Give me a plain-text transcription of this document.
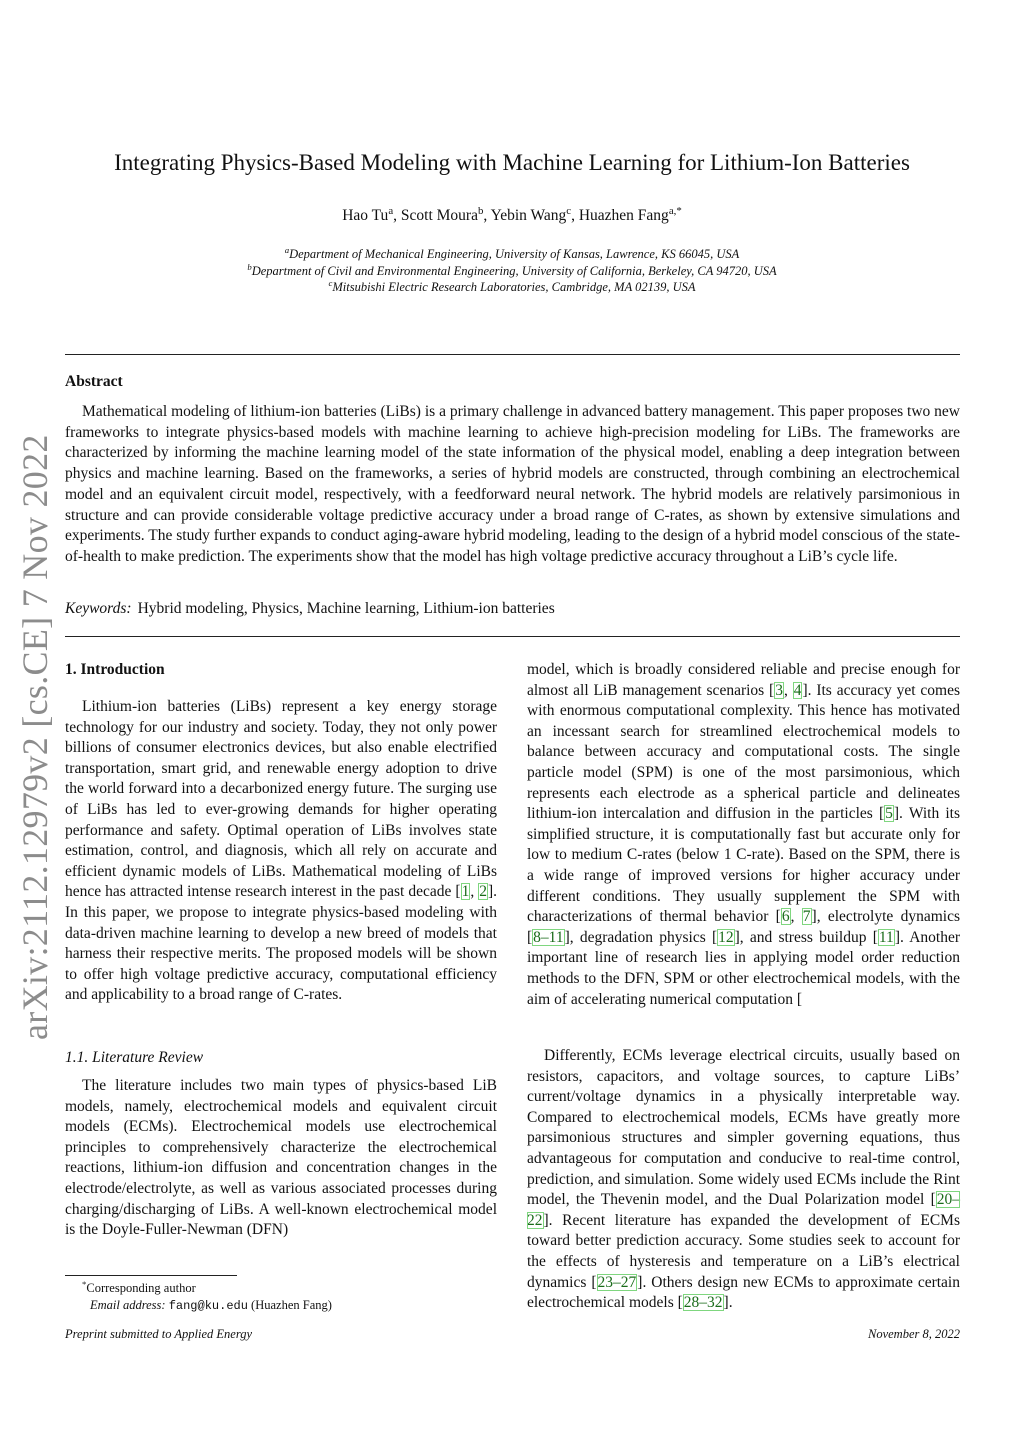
arXiv:2112.12979v2 [cs.CE] 7 Nov 2022
Integrating Physics-Based Modeling with Machine Learning for Lithium-Ion Batteries
Hao Tu$^a$, Scott Moura$^b$, Yebin Wang$^c$, Huazhen Fang$^{a,*}$
$^a$Department of Mechanical Engineering, University of Kansas, Lawrence, KS 66045, USA
$^b$Department of Civil and Environmental Engineering, University of California, Berkeley, CA 94720, USA
$^c$Mitsubishi Electric Research Laboratories, Cambridge, MA 02139, USA
Abstract
Mathematical modeling of lithium-ion batteries (LiBs) is a primary challenge in advanced battery management. This paper proposes two new frameworks to integrate physics-based models with machine learning to achieve high-precision modeling for LiBs. The frameworks are characterized by informing the machine learning model of the state information of the physical model, enabling a deep integration between physics and machine learning. Based on the frameworks, a series of hybrid models are constructed, through combining an electrochemical model and an equivalent circuit model, respectively, with a feedforward neural network. The hybrid models are relatively parsimonious in structure and can provide considerable voltage predictive accuracy under a broad range of C-rates, as shown by extensive simulations and experiments. The study further expands to conduct aging-aware hybrid modeling, leading to the design of a hybrid model conscious of the state-of-health to make prediction. The experiments show that the model has high voltage predictive accuracy throughout a LiB’s cycle life.
Keywords: Hybrid modeling, Physics, Machine learning, Lithium-ion batteries
1. Introduction
Lithium-ion batteries (LiBs) represent a key energy storage technology for our industry and society. Today, they not only power billions of consumer electronics devices, but also enable electrified transportation, smart grid, and renewable energy adoption to drive the world forward into a decarbonized energy future. The surging use of LiBs has led to ever-growing demands for higher operating performance and safety. Optimal operation of LiBs involves state estimation, control, and diagnosis, which all rely on accurate and efficient dynamic models of LiBs. Mathematical modeling of LiBs hence has attracted intense research interest in the past decade [1, 2]. In this paper, we propose to integrate physics-based modeling with data-driven machine learning to develop a new breed of models that harness their respective merits. The proposed models will be shown to offer high voltage predictive accuracy, computational efficiency and applicability to a broad range of C-rates.
1.1. Literature Review
The literature includes two main types of physics-based LiB models, namely, electrochemical models and equivalent circuit models (ECMs). Electrochemical models use electrochemical principles to comprehensively characterize the electrochemical reactions, lithium-ion diffusion and concentration changes in the electrode/electrolyte, as well as various associated processes during charging/discharging of LiBs. A well-known electrochemical model is the Doyle-Fuller-Newman (DFN)
*Corresponding author
Email address: fang@ku.edu (Huazhen Fang)
model, which is broadly considered reliable and precise enough for almost all LiB management scenarios [3, 4]. Its accuracy yet comes with enormous computational complexity. This hence has motivated an incessant search for streamlined electrochemical models to balance between accuracy and computational costs. The single particle model (SPM) is one of the most parsimonious, which represents each electrode as a spherical particle and delineates lithium-ion intercalation and diffusion in the particles [5]. With its simplified structure, it is computationally fast but accurate only for low to medium C-rates (below 1 C-rate). Based on the SPM, there is a wide range of improved versions for higher accuracy under different conditions. They usually supplement the SPM with characterizations of thermal behavior [6, 7], electrolyte dynamics [8–11], degradation physics [12], and stress buildup [11]. Another important line of research lies in applying model order reduction methods to the DFN, SPM or other electrochemical models, with the aim of accelerating numerical computation [
Differently, ECMs leverage electrical circuits, usually based on resistors, capacitors, and voltage sources, to capture LiBs’ current/voltage dynamics in a physically interpretable way. Compared to electrochemical models, ECMs have greatly more parsimonious structures and simpler governing equations, thus advantageous for computation and conducive to real-time control, prediction, and simulation. Some widely used ECMs include the Rint model, the Thevenin model, and the Dual Polarization model [20–22]. Recent literature has expanded the development of ECMs toward better prediction accuracy. Some studies seek to account for the effects of hysteresis and temperature on a LiB’s electrical dynamics [23–27]. Others design new ECMs to approximate certain electrochemical models [28–32].
Preprint submitted to Applied Energy	November 8, 2022
